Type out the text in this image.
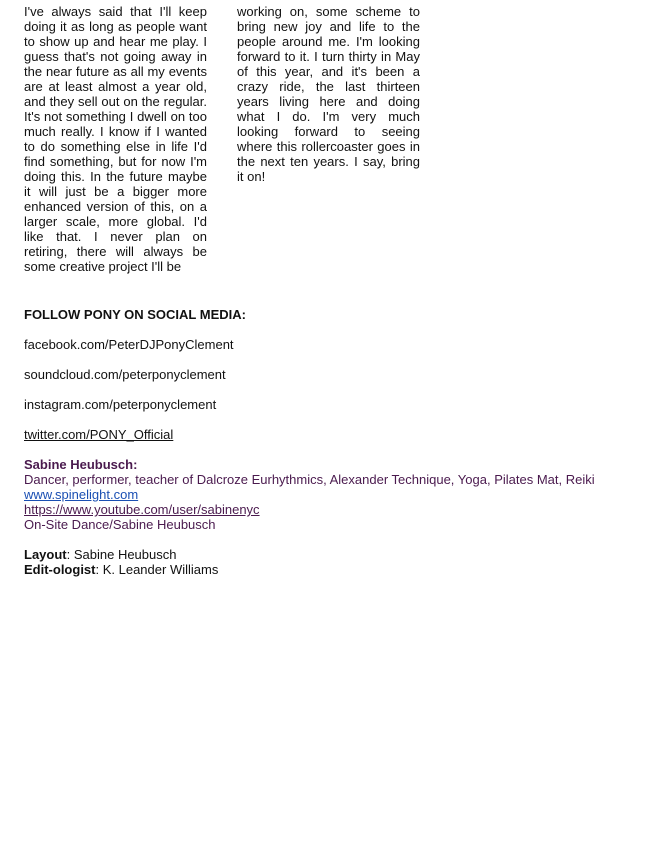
I've always said that I'll keep doing it as long as people want to show up and hear me play. I guess that's not going away in the near future as all my events are at least almost a year old, and they sell out on the regular. It's not something I dwell on too much really. I know if I wanted to do something else in life I'd find something, but for now I'm doing this. In the future maybe it will just be a bigger more enhanced version of this, on a larger scale, more global. I'd like that. I never plan on retiring, there will always be some creative project I'll be

working on, some scheme to bring new joy and life to the people around me. I'm looking forward to it. I turn thirty in May of this year, and it's been a crazy ride, the last thirteen years living here and doing what I do. I'm very much looking forward to seeing where this rollercoaster goes in the next ten years. I say, bring it on!

FOLLOW PONY ON SOCIAL MEDIA:

facebook.com/PeterDJPonyClement

soundcloud.com/peterponyclement

instagram.com/peterponyclement

twitter.com/PONY_Official

Sabine Heubusch:

Dancer, performer, teacher of Dalcroze Eurhythmics, Alexander Technique, Yoga, Pilates Mat, Reiki

www.spinelight.com

https://www.youtube.com/user/sabinenyc

On-Site Dance/Sabine Heubusch

Layout: Sabine Heubusch

Edit-ologist: K. Leander Williams
